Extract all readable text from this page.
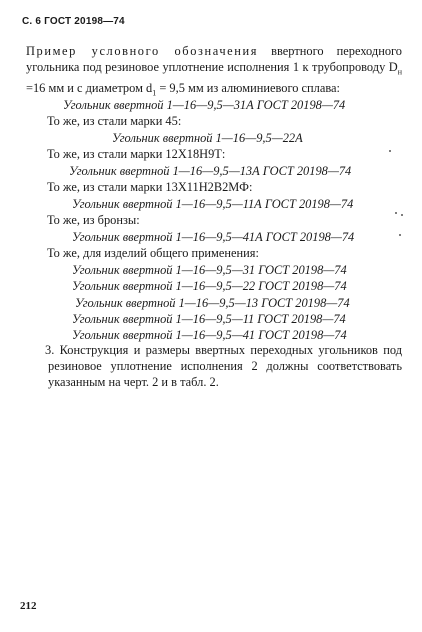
С. 6 ГОСТ 20198—74
Пример условного обозначения ввертного переходного угольника под резиновое уплотнение исполнения 1 к трубопроводу $D_н =16$ мм и с диаметром $d_1 = 9,5$ мм из алюминиевого сплава:
Угольник ввертной 1—16—9,5—31А ГОСТ 20198—74
То же, из стали марки 45:
Угольник ввертной 1—16—9,5—22А
То же, из стали марки 12Х18Н9Т:
Угольник ввертной 1—16—9,5—13А ГОСТ 20198—74
То же, из стали марки 13Х11Н2В2МФ:
Угольник ввертной 1—16—9,5—11А ГОСТ 20198—74
То же, из бронзы:
Угольник ввертной 1—16—9,5—41А ГОСТ 20198—74
То же, для изделий общего применения:
Угольник ввертной 1—16—9,5—31 ГОСТ 20198—74
Угольник ввертной 1—16—9,5—22 ГОСТ 20198—74
Угольник ввертной 1—16—9,5—13 ГОСТ 20198—74
Угольник ввертной 1—16—9,5—11 ГОСТ 20198—74
Угольник ввертной 1—16—9,5—41 ГОСТ 20198—74
3. Конструкция и размеры ввертных переходных угольников под резиновое уплотнение исполнения 2 должны соответствовать указанным на черт. 2 и в табл. 2.
212
